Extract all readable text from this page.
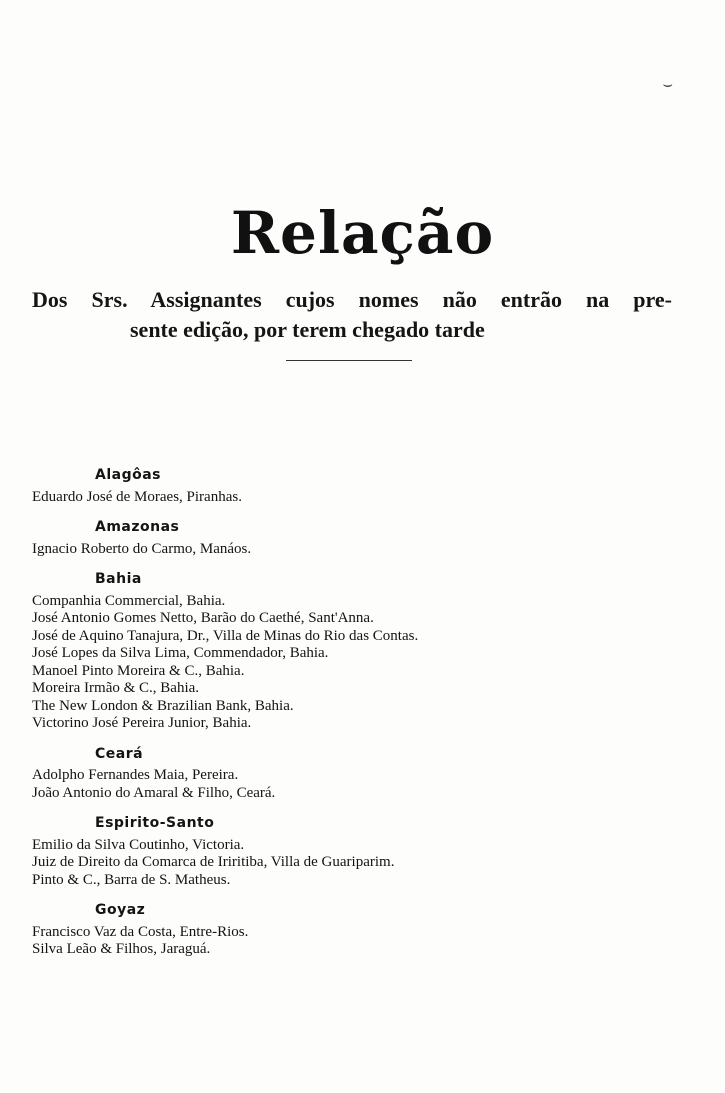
⌣
Relação
Dos Srs. Assignantes cujos nomes não entrão na pre-
sente edição, por terem chegado tarde
Alagôas
Eduardo José de Moraes, Piranhas.
Amazonas
Ignacio Roberto do Carmo, Manáos.
Bahia
Companhia Commercial, Bahia.
José Antonio Gomes Netto, Barão do Caethé, Sant'Anna.
José de Aquino Tanajura, Dr., Villa de Minas do Rio das Contas.
José Lopes da Silva Lima, Commendador, Bahia.
Manoel Pinto Moreira & C., Bahia.
Moreira Irmão & C., Bahia.
The New London & Brazilian Bank, Bahia.
Victorino José Pereira Junior, Bahia.
Ceará
Adolpho Fernandes Maia, Pereira.
João Antonio do Amaral & Filho, Ceará.
Espirito-Santo
Emilio da Silva Coutinho, Victoria.
Juiz de Direito da Comarca de Iriritiba, Villa de Guariparim.
Pinto & C., Barra de S. Matheus.
Goyaz
Francisco Vaz da Costa, Entre-Rios.
Silva Leão & Filhos, Jaraguá.
